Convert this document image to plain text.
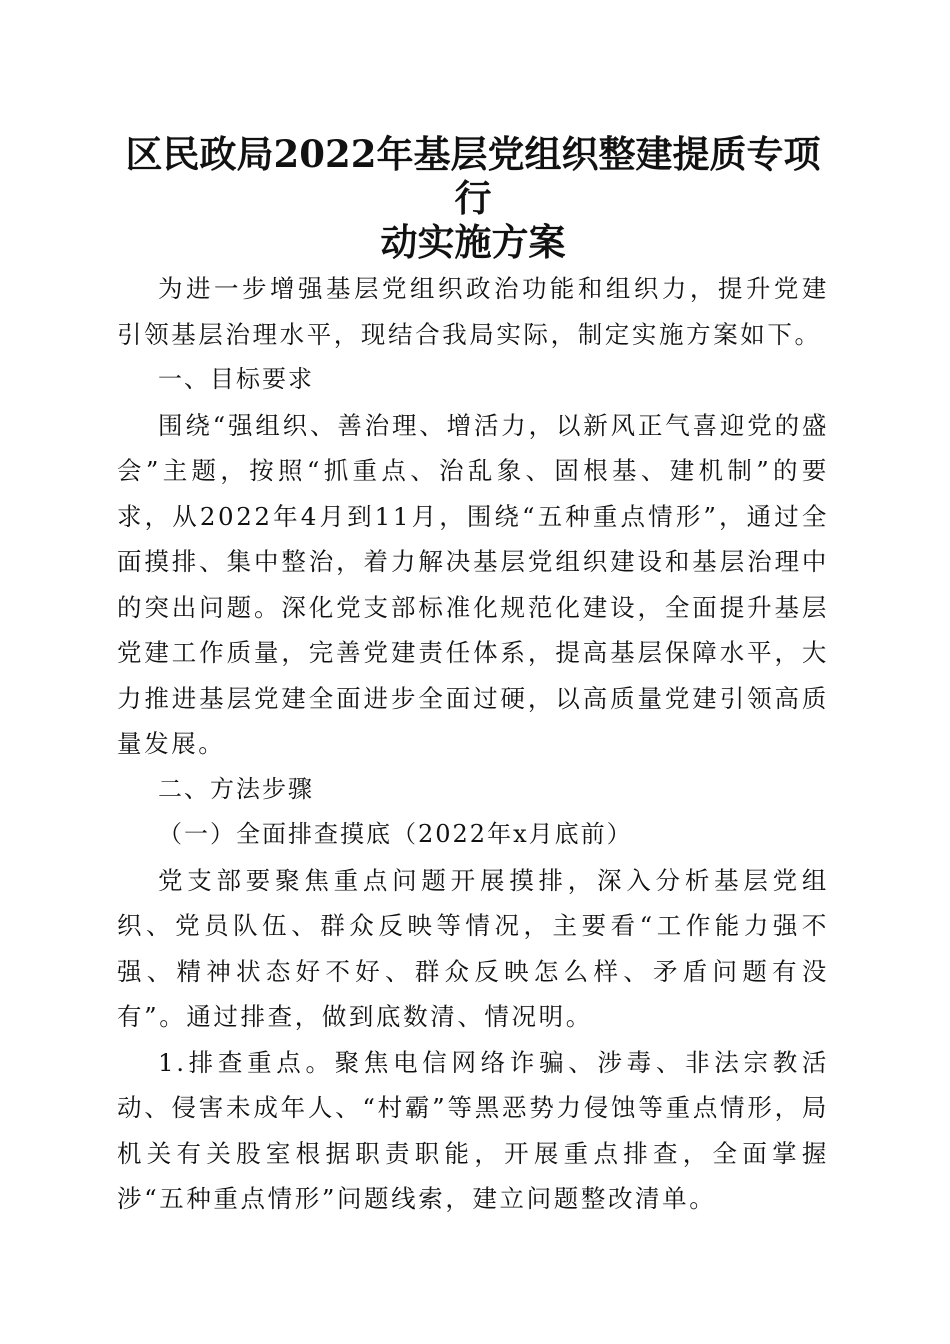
区民政局2022年基层党组织整建提质专项行
动实施方案

为进一步增强基层党组织政治功能和组织力，提升党建引领基层治理水平，现结合我局实际，制定实施方案如下。

一、目标要求

围绕“强组织、善治理、增活力，以新风正气喜迎党的盛会”主题，按照“抓重点、治乱象、固根基、建机制”的要求，从2022年4月到11月，围绕“五种重点情形”，通过全面摸排、集中整治，着力解决基层党组织建设和基层治理中的突出问题。深化党支部标准化规范化建设，全面提升基层党建工作质量，完善党建责任体系，提高基层保障水平，大力推进基层党建全面进步全面过硬，以高质量党建引领高质量发展。

二、方法步骤

（一）全面排查摸底（2022年x月底前）

党支部要聚焦重点问题开展摸排，深入分析基层党组织、党员队伍、群众反映等情况，主要看“工作能力强不强、精神状态好不好、群众反映怎么样、矛盾问题有没有”。通过排查，做到底数清、情况明。

1.排查重点。聚焦电信网络诈骗、涉毒、非法宗教活动、侵害未成年人、“村霸”等黑恶势力侵蚀等重点情形，局机关有关股室根据职责职能，开展重点排查，全面掌握涉“五种重点情形”问题线索，建立问题整改清单。
